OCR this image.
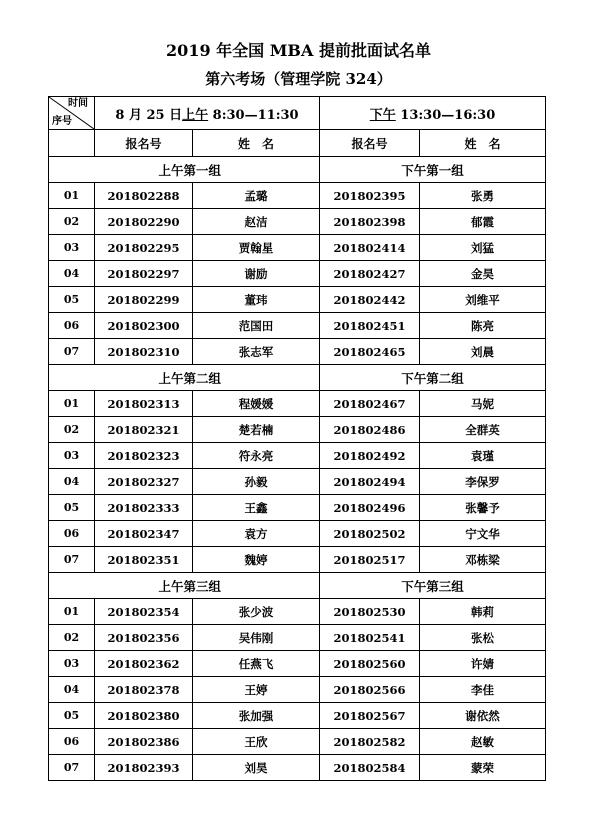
2019 年全国 MBA 提前批面试名单
第六考场（管理学院 324）
时间
序号	8 月 25 日上午 8:30—11:30		下午 13:30—16:30	
	报名号	姓　名	报名号	姓　名
		上午第一组	下午第一组	
01	201802288	孟璐	201802395	张勇
02	201802290	赵洁	201802398	郁霞
03	201802295	贾翰星	201802414	刘猛
04	201802297	谢励	201802427	金昊
05	201802299	董玮	201802442	刘维平
06	201802300	范国田	201802451	陈亮
07	201802310	张志军	201802465	刘晨
		上午第二组	下午第二组	
01	201802313	程媛媛	201802467	马妮
02	201802321	楚若楠	201802486	全群英
03	201802323	符永亮	201802492	袁瑾
04	201802327	孙毅	201802494	李保罗
05	201802333	王鑫	201802496	张馨予
06	201802347	袁方	201802502	宁文华
07	201802351	魏婷	201802517	邓栋梁
		上午第三组	下午第三组	
01	201802354	张少波	201802530	韩莉
02	201802356	吴伟刚	201802541	张松
03	201802362	任燕飞	201802560	许婧
04	201802378	王婷	201802566	李佳
05	201802380	张加强	201802567	谢依然
06	201802386	王欣	201802582	赵敏
07	201802393	刘昊	201802584	蒙荣
